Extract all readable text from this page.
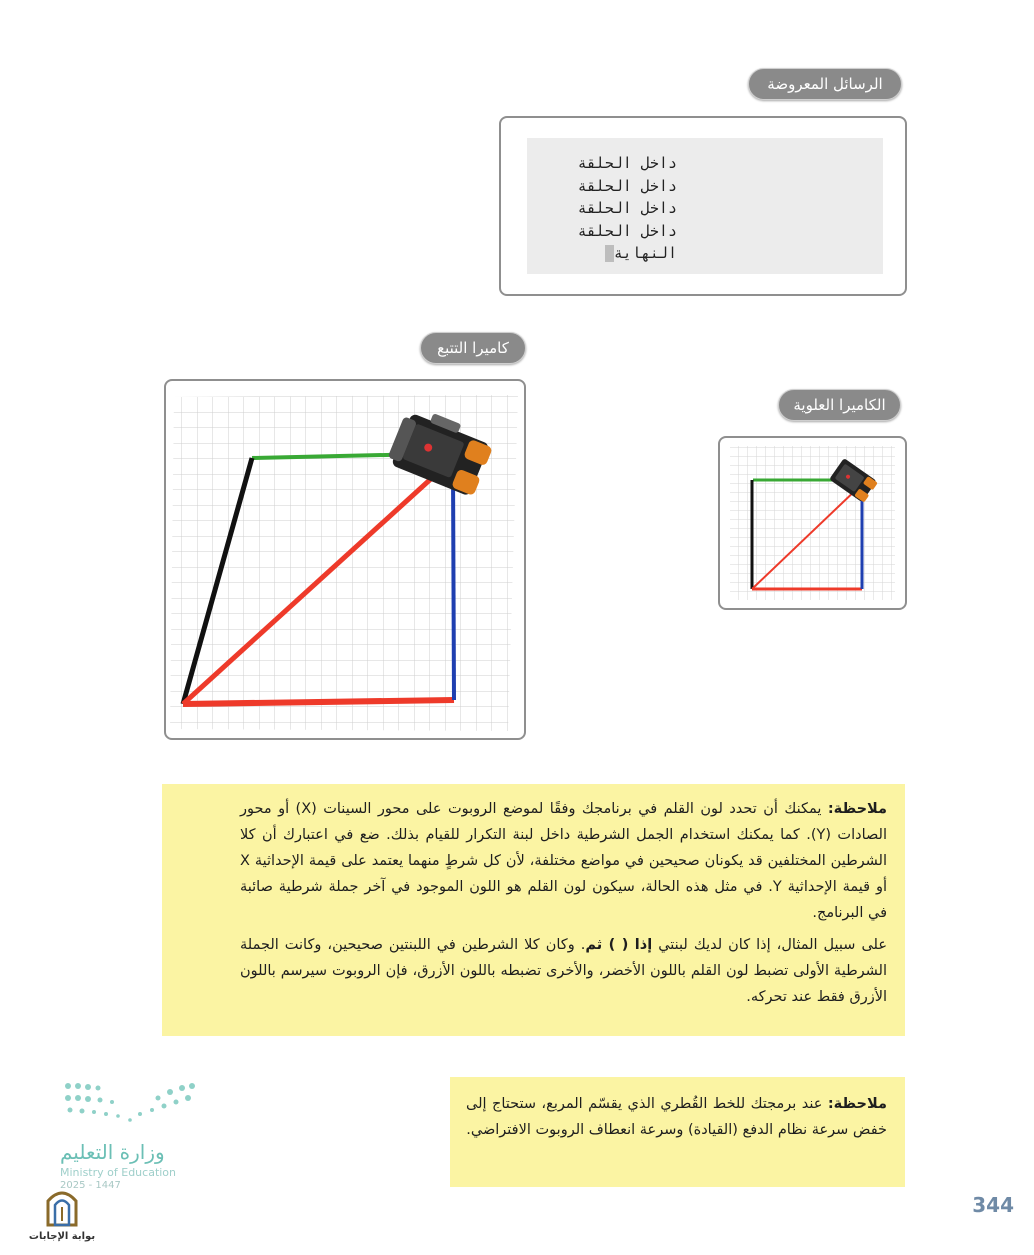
الرسائل المعروضة
داخل الحلقة
داخل الحلقة
داخل الحلقة
داخل الحلقة
النهاية
كاميرا التتبع
الكاميرا العلوية

ملاحظة: يمكنك أن تحدد لون القلم في برنامجك وفقًا لموضع الروبوت على محور السينات (X) أو محور الصادات (Y). كما يمكنك استخدام الجمل الشرطية داخل لبنة التكرار للقيام بذلك. ضع في اعتبارك أن كلا الشرطين المختلفين قد يكونان صحيحين في مواضع مختلفة، لأن كل شرطٍ منهما يعتمد على قيمة الإحداثية X أو قيمة الإحداثية Y. في مثل هذه الحالة، سيكون لون القلم هو اللون الموجود في آخر جملة شرطية صائبة في البرنامج.

على سبيل المثال، إذا كان لديك لبنتي إذا ( ) ثم. وكان كلا الشرطين في اللبنتين صحيحين، وكانت الجملة الشرطية الأولى تضبط لون القلم باللون الأخضر، والأخرى تضبطه باللون الأزرق، فإن الروبوت سيرسم باللون الأزرق فقط عند تحركه.

ملاحظة: عند برمجتك للخط القُطري الذي يقسّم المربع، ستحتاج إلى خفض سرعة نظام الدفع (القيادة) وسرعة انعطاف الروبوت الافتراضي.

وزارة التعليم
Ministry of Education
2025 - 1447
بوابة الإجابات
344
